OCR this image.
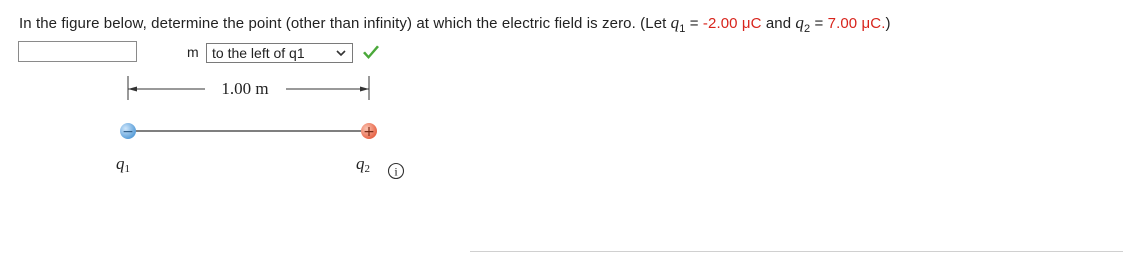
In the figure below, determine the point (other than infinity) at which the electric field is zero. (Let $q_1 = -2.00$ μC and $q_2 = 7.00$ μC.)
m to the left of q1
1.00 m
−	+
q1	q2 i
